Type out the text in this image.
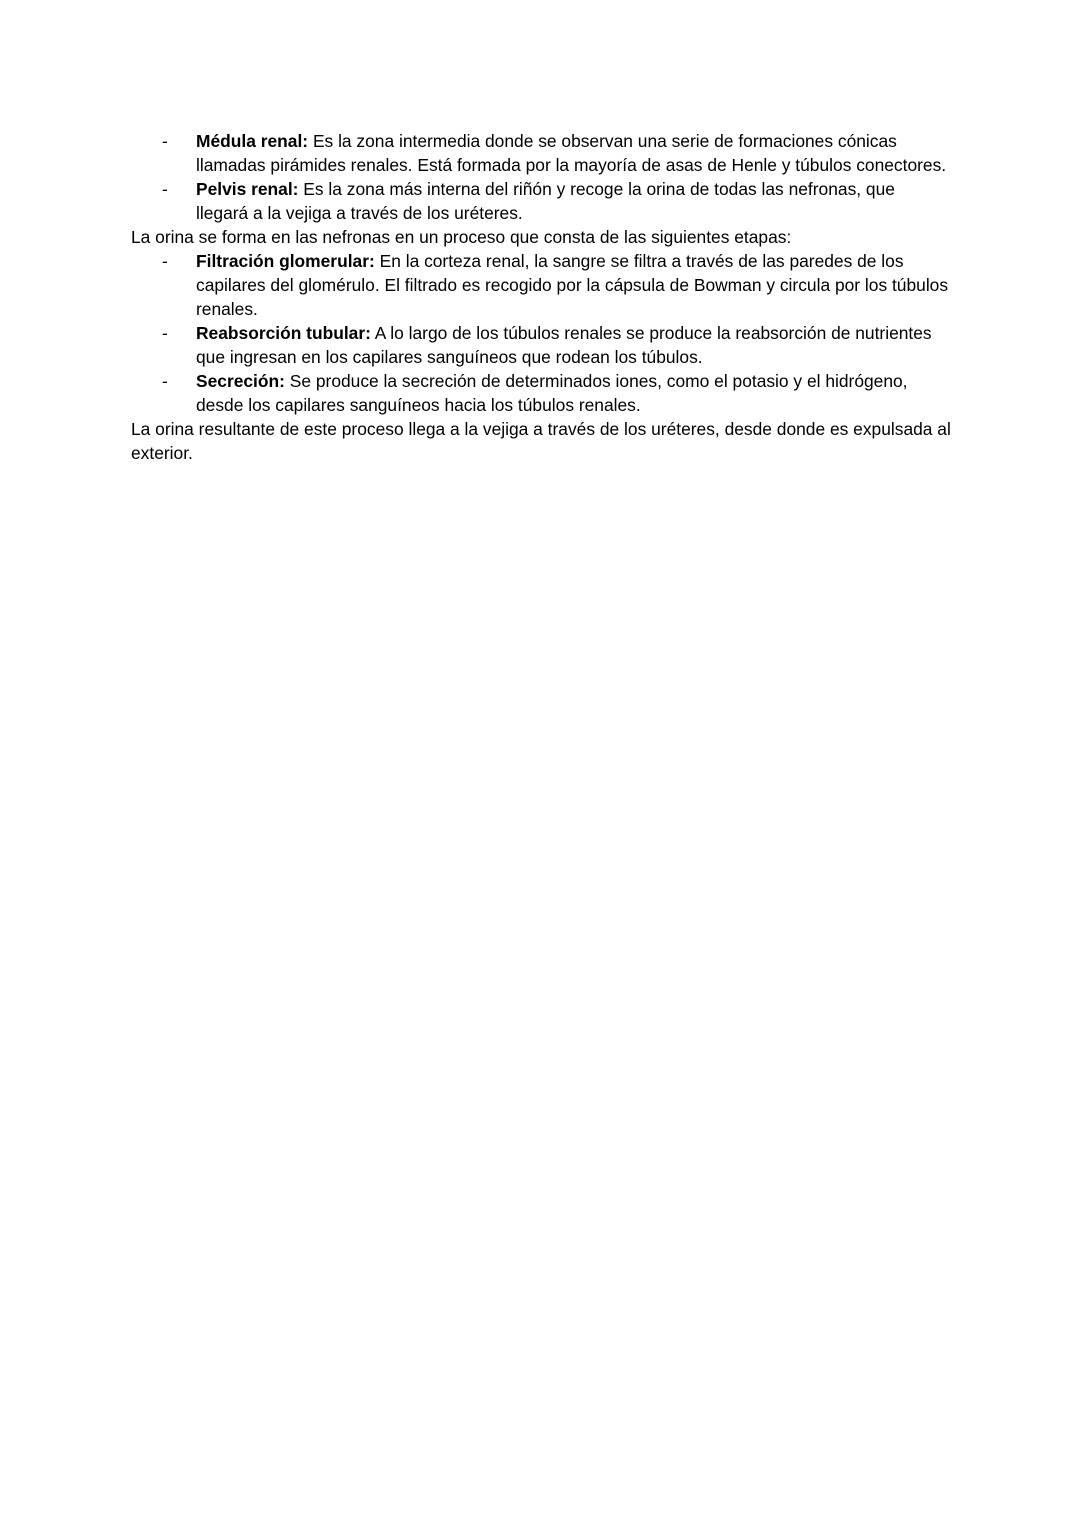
- Médula renal: Es la zona intermedia donde se observan una serie de formaciones cónicas llamadas pirámides renales. Está formada por la mayoría de asas de Henle y túbulos conectores.
- Pelvis renal: Es la zona más interna del riñón y recoge la orina de todas las nefronas, que llegará a la vejiga a través de los uréteres.

La orina se forma en las nefronas en un proceso que consta de las siguientes etapas:

- Filtración glomerular: En la corteza renal, la sangre se filtra a través de las paredes de los capilares del glomérulo. El filtrado es recogido por la cápsula de Bowman y circula por los túbulos renales.
- Reabsorción tubular: A lo largo de los túbulos renales se produce la reabsorción de nutrientes que ingresan en los capilares sanguíneos que rodean los túbulos.
- Secreción: Se produce la secreción de determinados iones, como el potasio y el hidrógeno, desde los capilares sanguíneos hacia los túbulos renales.

La orina resultante de este proceso llega a la vejiga a través de los uréteres, desde donde es expulsada al exterior.
